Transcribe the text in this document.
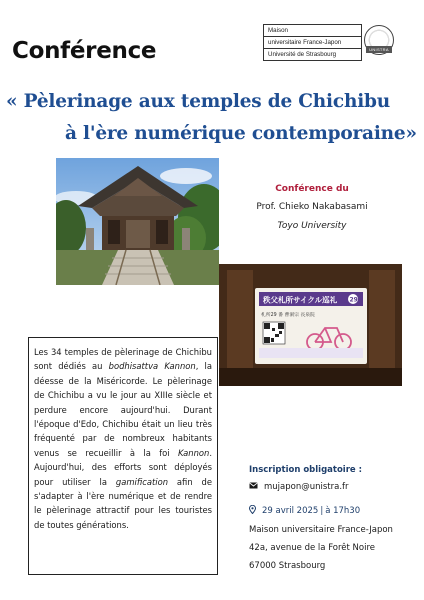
Conférence
Maison
universitaire France-Japon
Université de Strasbourg
UNISTRA
« Pèlerinage aux temples de Chichibu
à l'ère numérique contemporaine»
Conférence du
Prof. Chieko Nakabasami
Toyo University
秩父札所サイクル巡礼 29
札所29 番 曹洞宗 長泉院
Les 34 temples de pèlerinage de Chichibu sont dédiés au bodhisattva Kannon, la déesse de la Miséricorde. Le pèlerinage de Chichibu a vu le jour au XIIIe siècle et perdure encore aujourd'hui. Durant l'époque d'Edo, Chichibu était un lieu très fréquenté par de nombreux habitants venus se recueillir à la foi Kannon. Aujourd'hui, des efforts sont déployés pour utiliser la gamification afin de s'adapter à l'ère numérique et de rendre le pèlerinage attractif pour les touristes de toutes générations.
Inscription obligatoire :
mujapon@unistra.fr
29 avril 2025 | à 17h30
Maison universitaire France-Japon
42a, avenue de la Forêt Noire
67000 Strasbourg
